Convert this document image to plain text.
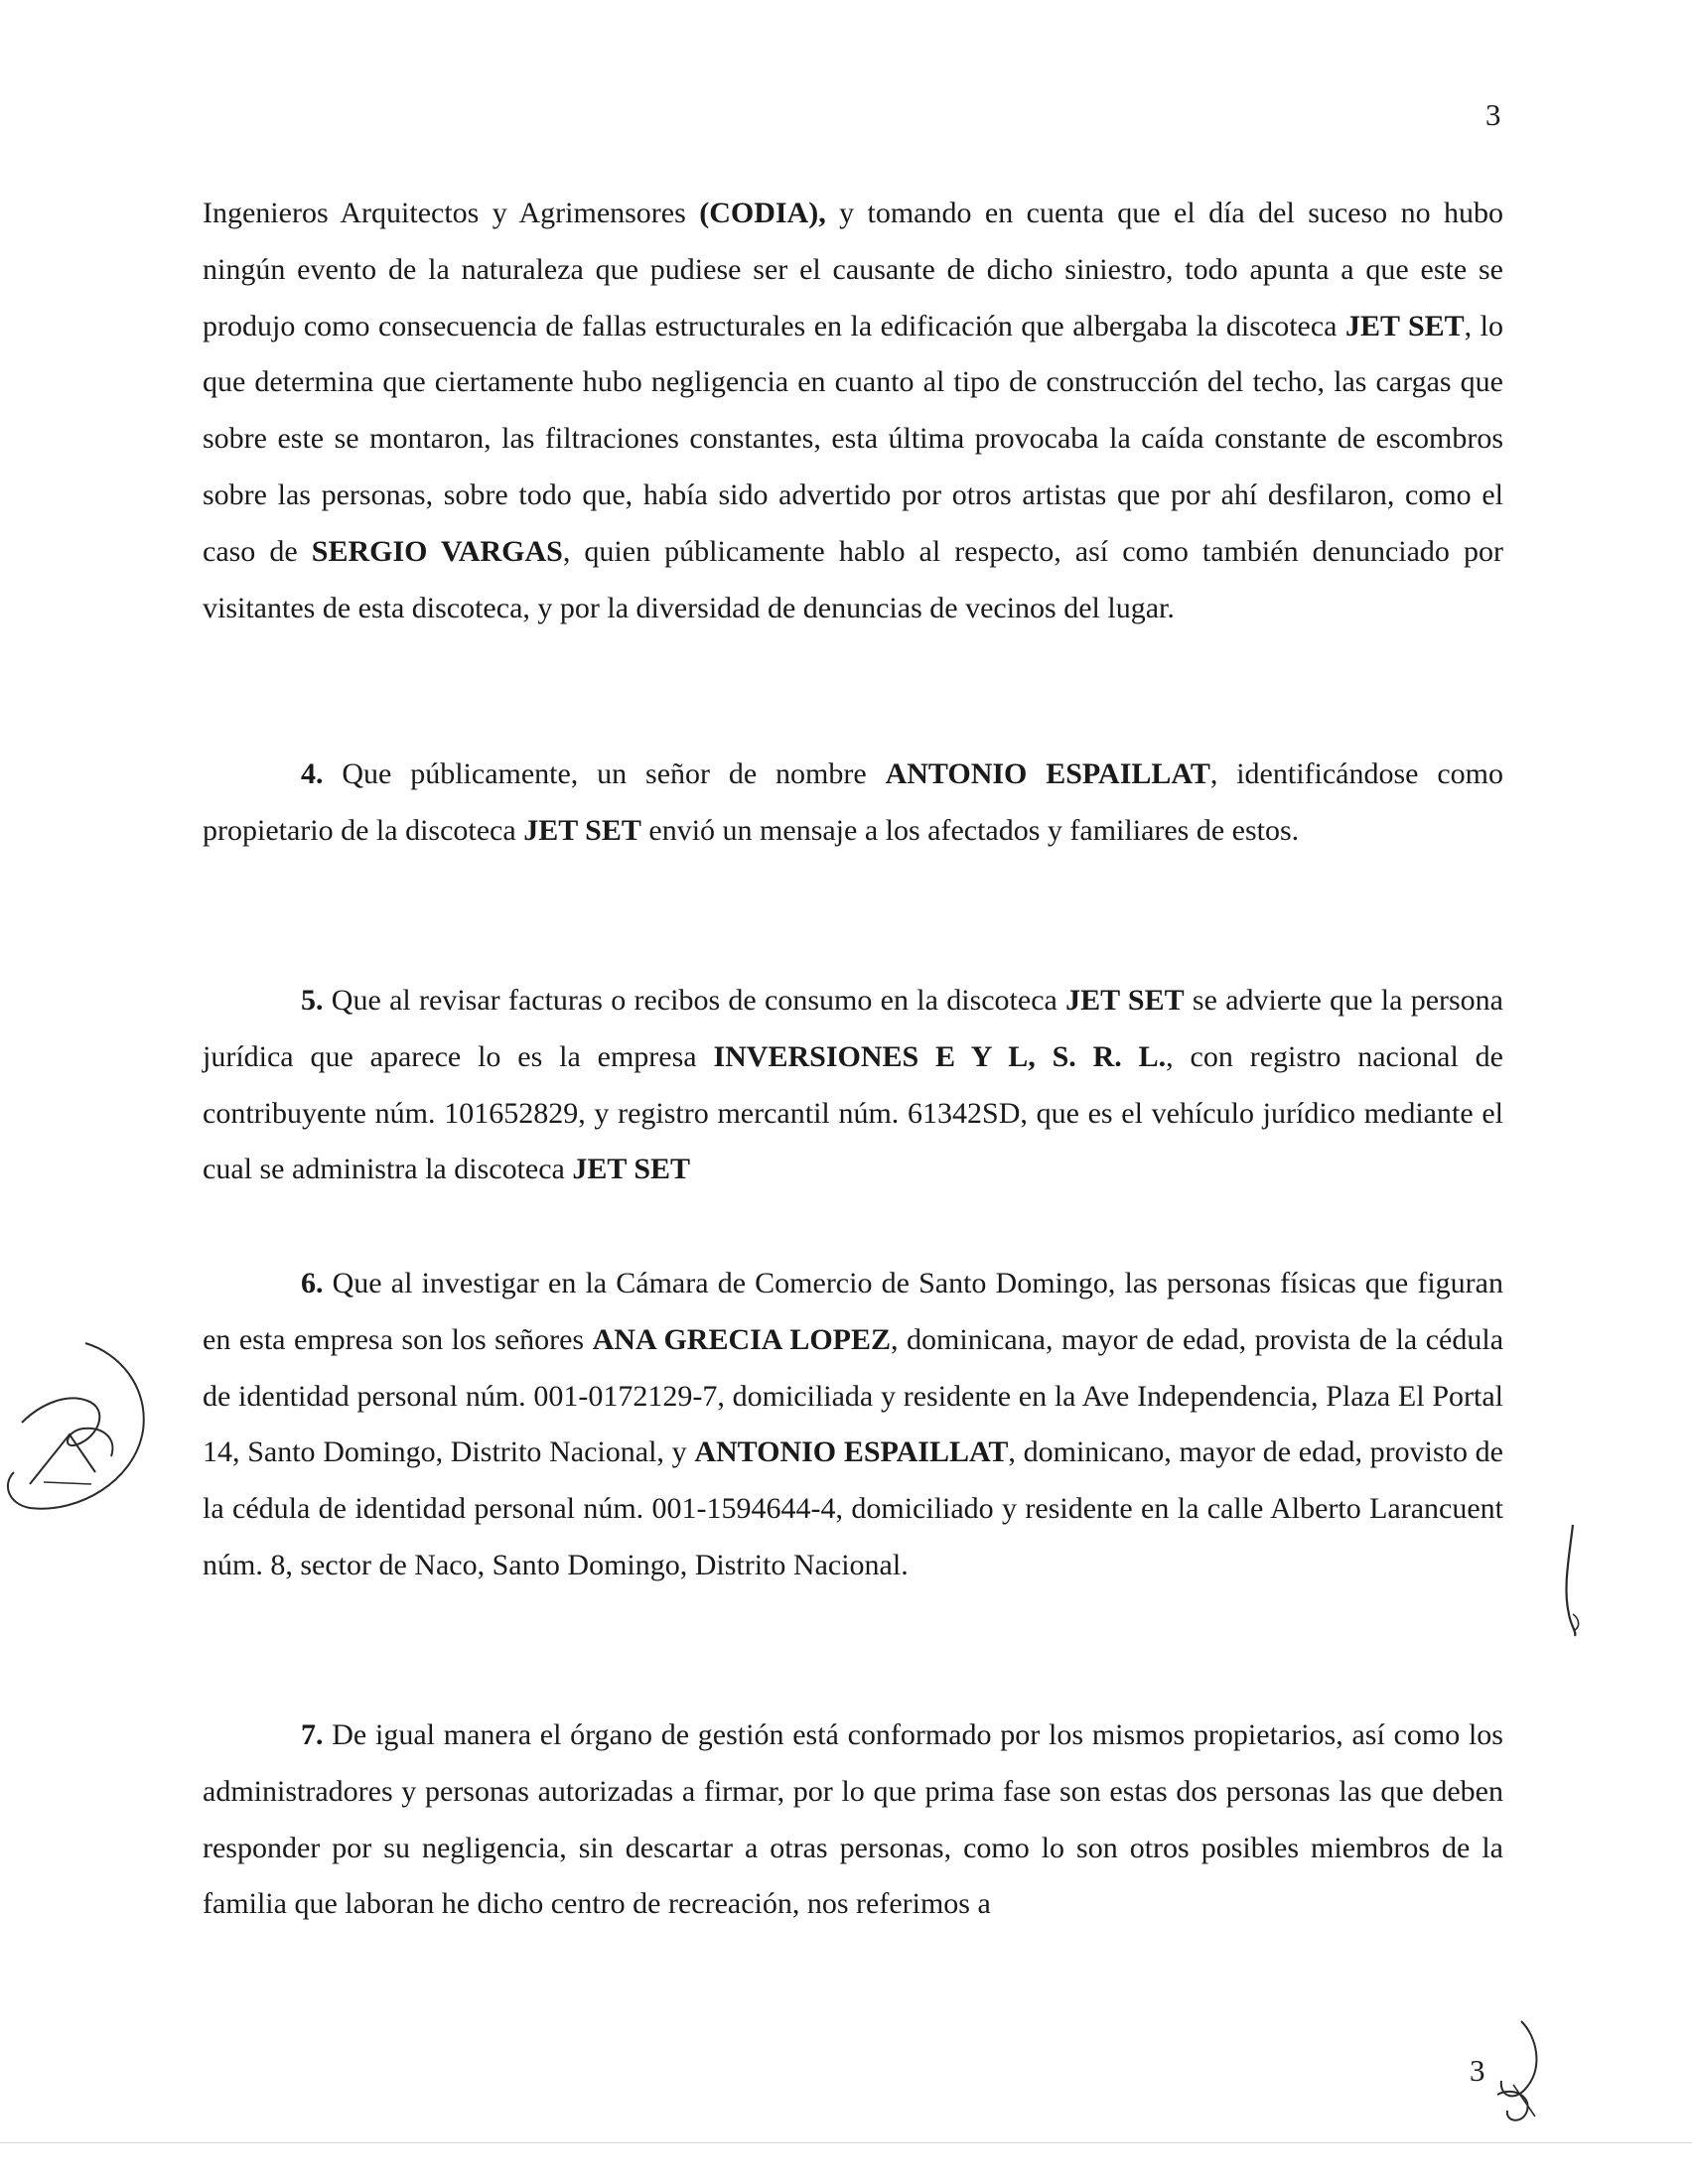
3

Ingenieros Arquitectos y Agrimensores (CODIA), y tomando en cuenta que el día del suceso no hubo ningún evento de la naturaleza que pudiese ser el causante de dicho siniestro, todo apunta a que este se produjo como consecuencia de fallas estructurales en la edificación que albergaba la discoteca JET SET, lo que determina que ciertamente hubo negligencia en cuanto al tipo de construcción del techo, las cargas que sobre este se montaron, las filtraciones constantes, esta última provocaba la caída constante de escombros sobre las personas, sobre todo que, había sido advertido por otros artistas que por ahí desfilaron, como el caso de SERGIO VARGAS, quien públicamente hablo al respecto, así como también denunciado por visitantes de esta discoteca, y por la diversidad de denuncias de vecinos del lugar.

4. Que públicamente, un señor de nombre ANTONIO ESPAILLAT, identificándose como propietario de la discoteca JET SET envió un mensaje a los afectados y familiares de estos.

5. Que al revisar facturas o recibos de consumo en la discoteca JET SET se advierte que la persona jurídica que aparece lo es la empresa INVERSIONES E Y L, S. R. L., con registro nacional de contribuyente núm. 101652829, y registro mercantil núm. 61342SD, que es el vehículo jurídico mediante el cual se administra la discoteca JET SET

6. Que al investigar en la Cámara de Comercio de Santo Domingo, las personas físicas que figuran en esta empresa son los señores ANA GRECIA LOPEZ, dominicana, mayor de edad, provista de la cédula de identidad personal núm. 001-0172129-7, domiciliada y residente en la Ave Independencia, Plaza El Portal 14, Santo Domingo, Distrito Nacional, y ANTONIO ESPAILLAT, dominicano, mayor de edad, provisto de la cédula de identidad personal núm. 001-1594644-4, domiciliado y residente en la calle Alberto Larancuent núm. 8, sector de Naco, Santo Domingo, Distrito Nacional.

7. De igual manera el órgano de gestión está conformado por los mismos propietarios, así como los administradores y personas autorizadas a firmar, por lo que prima fase son estas dos personas las que deben responder por su negligencia, sin descartar a otras personas, como lo son otros posibles miembros de la familia que laboran he dicho centro de recreación, nos referimos a

3
